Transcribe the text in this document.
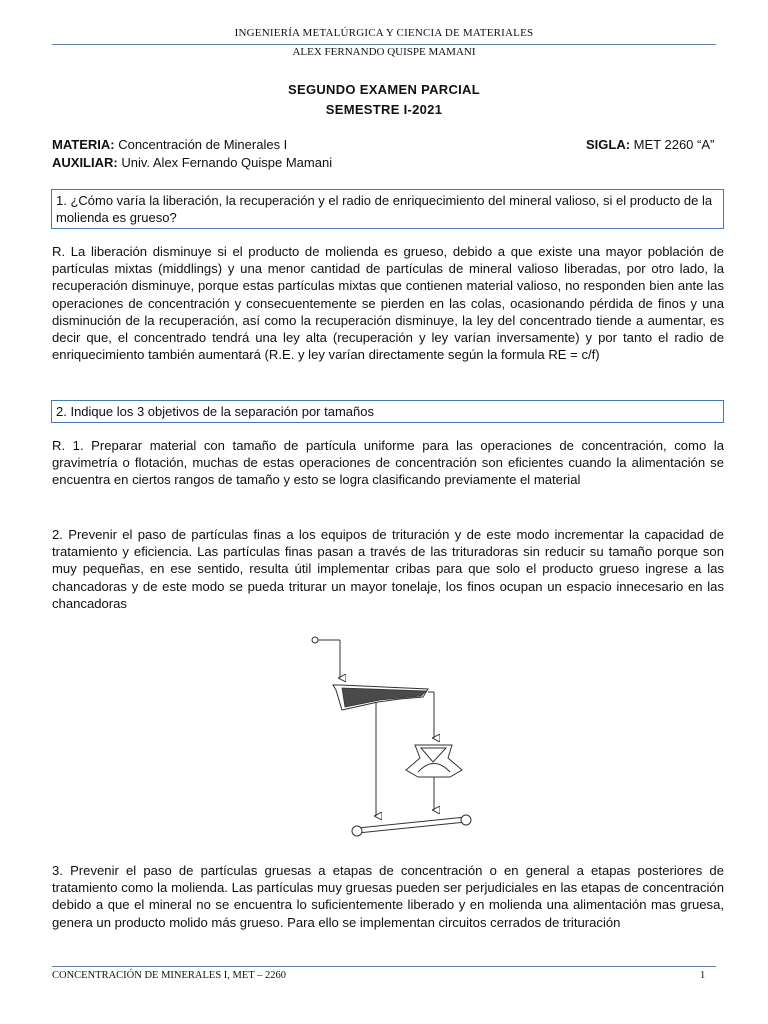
INGENIERÍA METALÚRGICA Y CIENCIA DE MATERIALES
ALEX FERNANDO QUISPE MAMANI
SEGUNDO EXAMEN PARCIAL
SEMESTRE I-2021
MATERIA: Concentración de Minerales I	SIGLA: MET 2260 “A”
AUXILIAR: Univ. Alex Fernando Quispe Mamani
1. ¿Cómo varía la liberación, la recuperación y el radio de enriquecimiento del mineral valioso, si el producto de la molienda es grueso?
R. La liberación disminuye si el producto de molienda es grueso, debido a que existe una mayor población de partículas mixtas (middlings) y una menor cantidad de partículas de mineral valioso liberadas, por otro lado, la recuperación disminuye, porque estas partículas mixtas que contienen material valioso, no responden bien ante las operaciones de concentración y consecuentemente se pierden en las colas, ocasionando pérdida de finos y una disminución de la recuperación, así como la recuperación disminuye, la ley del concentrado tiende a aumentar, es decir que, el concentrado tendrá una ley alta (recuperación y ley varían inversamente) y por tanto el radio de enriquecimiento también aumentará (R.E. y ley varían directamente según la formula RE = c/f)
2. Indique los 3 objetivos de la separación por tamaños
R. 1. Preparar material con tamaño de partícula uniforme para las operaciones de concentración, como la gravimetría o flotación, muchas de estas operaciones de concentración son eficientes cuando la alimentación se encuentra en ciertos rangos de tamaño y esto se logra clasificando previamente el material
2. Prevenir el paso de partículas finas a los equipos de trituración y de este modo incrementar la capacidad de tratamiento y eficiencia. Las partículas finas pasan a través de las trituradoras sin reducir su tamaño porque son muy pequeñas, en ese sentido, resulta útil implementar cribas para que solo el producto grueso ingrese a las chancadoras y de este modo se pueda triturar un mayor tonelaje, los finos ocupan un espacio innecesario en las chancadoras
3. Prevenir el paso de partículas gruesas a etapas de concentración o en general a etapas posteriores de tratamiento como la molienda. Las partículas muy gruesas pueden ser perjudiciales en las etapas de concentración debido a que el mineral no se encuentra lo suficientemente liberado y en molienda una alimentación mas gruesa, genera un producto molido más grueso. Para ello se implementan circuitos cerrados de trituración
CONCENTRACIÓN DE MINERALES I, MET – 2260	1
